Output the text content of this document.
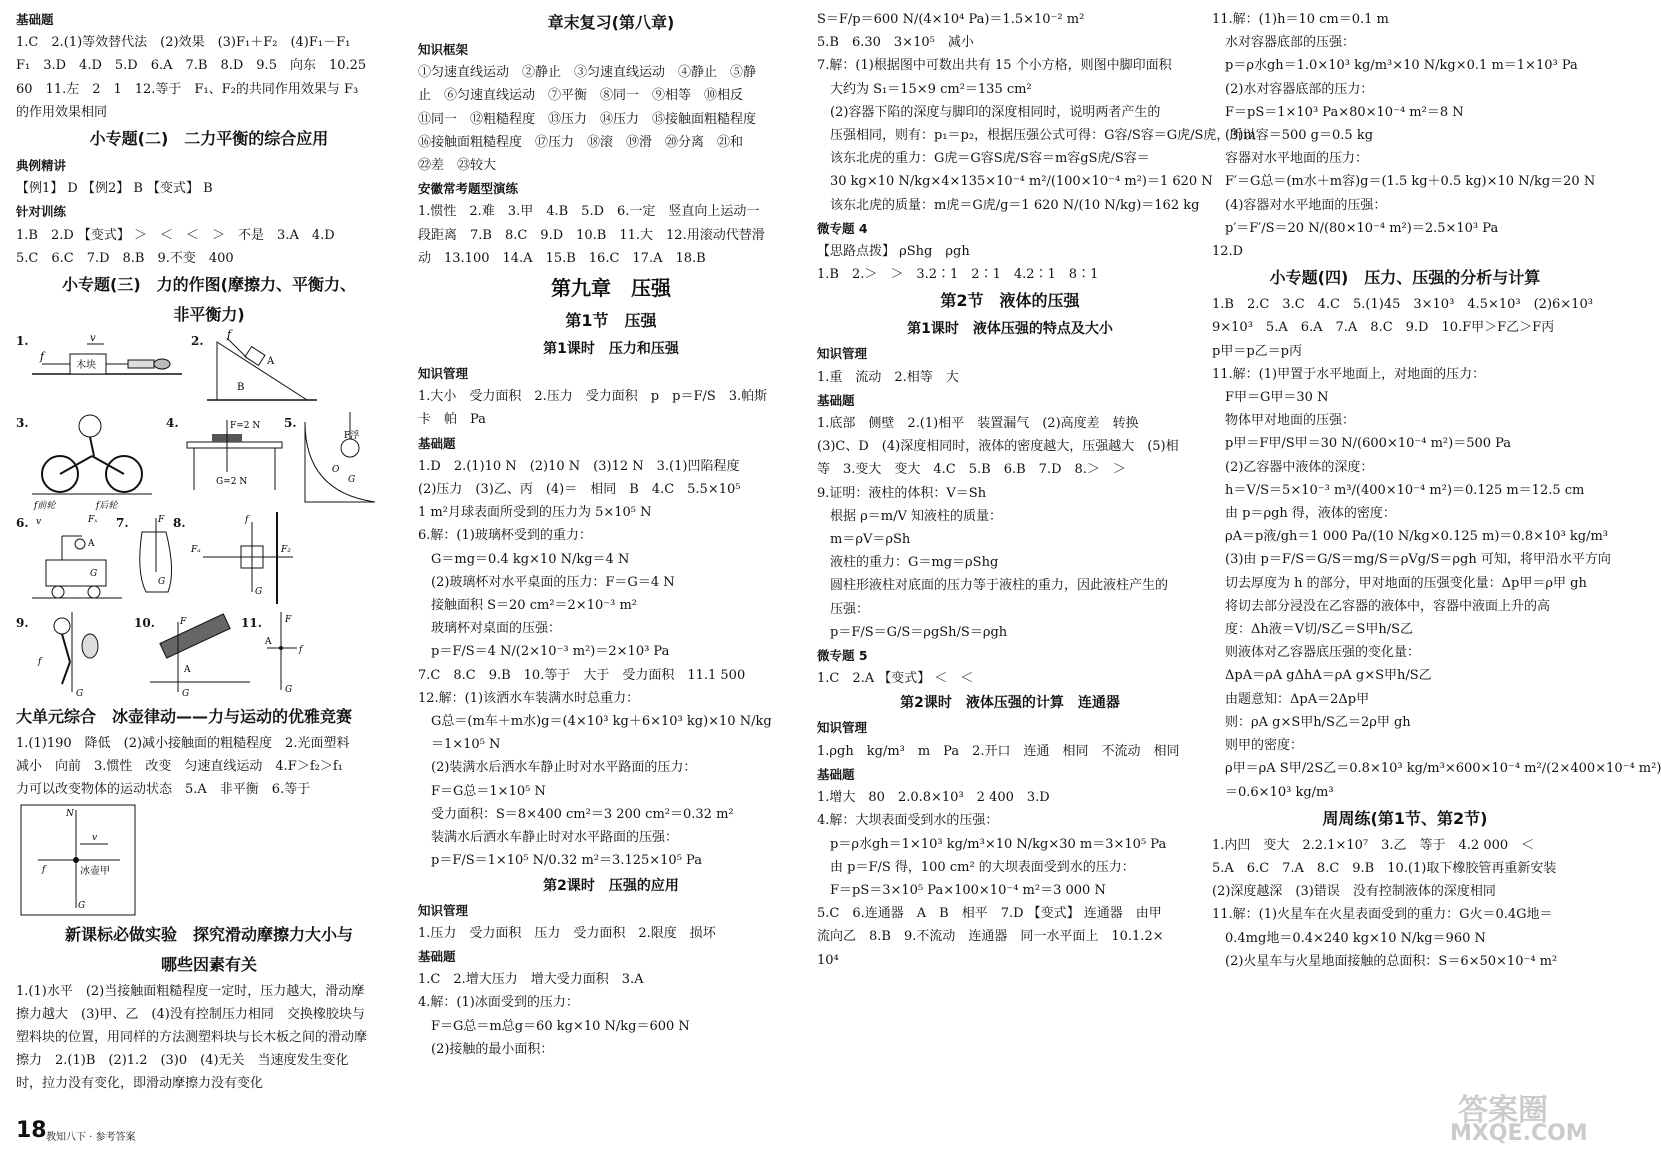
基础题
1.C　2.(1)等效替代法　(2)效果　(3)F₁＋F₂　(4)F₁－F₁
F₁　3.D　4.D　5.D　6.A　7.B　8.D　9.5　向东　10.25
60　11.左　2　1　12.等于　F₁、F₂的共同作用效果与 F₃
的作用效果相同
小专题(二)　二力平衡的综合应用
典例精讲
【例1】 D 【例2】 B 【变式】 B
针对训练
1.B　2.D 【变式】 ＞　＜　＜　＞　不是　3.A　4.D
5.C　6.C　7.D　8.B　9.不变　400
小专题(三)　力的作图(摩擦力、平衡力、
非平衡力)
1.
木块
f
v	2.
A
B
f
3.
f前轮	f后轮
4.	F=2 N
G=2 N
5.
F浮
G
O
6. v	Fₓ
A
G
7.	F
G
8.
Fₐ	F₂
f
G
9.
f
G
10.	F
A
G
11.
A
f
F
G
大单元综合　冰壶律动——力与运动的优雅竞赛
1.(1)190　降低　(2)减小接触面的粗糙程度　2.光面塑料
减小　向前　3.惯性　改变　匀速直线运动　4.F＞f₂＞f₁
力可以改变物体的运动状态　5.A　非平衡　6.等于
N
v
f	冰壶甲
G
新课标必做实验　探究滑动摩擦力大小与
哪些因素有关
1.(1)水平　(2)当接触面粗糙程度一定时，压力越大，滑动摩
擦力越大　(3)甲、乙　(4)没有控制压力相同　交换橡胶块与
塑料块的位置，用同样的方法测塑料块与长木板之间的滑动摩
擦力　2.(1)B　(2)1.2　(3)0　(4)无关　当速度发生变化
时，拉力没有变化，即滑动摩擦力没有变化
章末复习(第八章)
知识框架
①匀速直线运动　②静止　③匀速直线运动　④静止　⑤静
止　⑥匀速直线运动　⑦平衡　⑧同一　⑨相等　⑩相反
⑪同一　⑫粗糙程度　⑬压力　⑭压力　⑮接触面粗糙程度
⑯接触面粗糙程度　⑰压力　⑱滚　⑲滑　⑳分离　㉑和
㉒差　㉓较大
安徽常考题型演练
1.惯性　2.难　3.甲　4.B　5.D　6.一定　竖直向上运动一
段距离　7.B　8.C　9.D　10.B　11.大　12.用滚动代替滑
动　13.100　14.A　15.B　16.C　17.A　18.B
第九章　压强
第1节　压强
第1课时　压力和压强
知识管理
1.大小　受力面积　2.压力　受力面积　p　p＝F/S　3.帕斯
卡　帕　Pa
基础题
1.D　2.(1)10 N　(2)10 N　(3)12 N　3.(1)凹陷程度
(2)压力　(3)乙、丙　(4)＝　相同　B　4.C　5.5×10⁵
1 m²月球表面所受到的压力为 5×10⁵ N
6.解：(1)玻璃杯受到的重力：
　G＝mg＝0.4 kg×10 N/kg＝4 N
　(2)玻璃杯对水平桌面的压力：F＝G＝4 N
　接触面积 S＝20 cm²＝2×10⁻³ m²
　玻璃杯对桌面的压强：
　p＝F/S＝4 N/(2×10⁻³ m²)＝2×10³ Pa
7.C　8.C　9.B　10.等于　大于　受力面积　11.1 500
12.解：(1)该洒水车装满水时总重力：
　G总＝(m车＋m水)g＝(4×10³ kg＋6×10³ kg)×10 N/kg
　＝1×10⁵ N
　(2)装满水后洒水车静止时对水平路面的压力：
　F＝G总＝1×10⁵ N
　受力面积：S＝8×400 cm²＝3 200 cm²＝0.32 m²
　装满水后洒水车静止时对水平路面的压强：
　p＝F/S＝1×10⁵ N/0.32 m²＝3.125×10⁵ Pa
第2课时　压强的应用
知识管理
1.压力　受力面积　压力　受力面积　2.限度　损坏
基础题
1.C　2.增大压力　增大受力面积　3.A
4.解：(1)冰面受到的压力：
　F＝G总＝m总g＝60 kg×10 N/kg＝600 N
　(2)接触的最小面积：
S＝F/p＝600 N/(4×10⁴ Pa)＝1.5×10⁻² m²
5.B　6.30　3×10⁵　减小
7.解：(1)根据图中可数出共有 15 个小方格，则图中脚印面积
　大约为 S₁＝15×9 cm²＝135 cm²
　(2)容器下陷的深度与脚印的深度相同时，说明两者产生的
　压强相同，则有：p₁＝p₂，根据压强公式可得：G容/S容＝G虎/S虎，所以
　该东北虎的重力：G虎＝G容S虎/S容＝m容gS虎/S容＝
　30 kg×10 N/kg×4×135×10⁻⁴ m²/(100×10⁻⁴ m²)＝1 620 N
　该东北虎的质量：m虎＝G虎/g＝1 620 N/(10 N/kg)＝162 kg
微专题 4
【思路点拨】 ρShg　ρgh
1.B　2.＞　＞　3.2∶1　2∶1　4.2∶1　8∶1
第2节　液体的压强
第1课时　液体压强的特点及大小
知识管理
1.重　流动　2.相等　大
基础题
1.底部　侧壁　2.(1)相平　装置漏气　(2)高度差　转换
(3)C、D　(4)深度相同时，液体的密度越大，压强越大　(5)相
等　3.变大　变大　4.C　5.B　6.B　7.D　8.＞　＞
9.证明：液柱的体积：V＝Sh
　根据 ρ＝m/V 知液柱的质量：
　m＝ρV＝ρSh
　液柱的重力：G＝mg＝ρShg
　圆柱形液柱对底面的压力等于液柱的重力，因此液柱产生的
　压强：
　p＝F/S＝G/S＝ρgSh/S＝ρgh
微专题 5
1.C　2.A 【变式】 ＜　＜
第2课时　液体压强的计算　连通器
知识管理
1.ρgh　kg/m³　m　Pa　2.开口　连通　相同　不流动　相同
基础题
1.增大　80　2.0.8×10³　2 400　3.D
4.解：大坝表面受到水的压强：
　p＝ρ水gh＝1×10³ kg/m³×10 N/kg×30 m＝3×10⁵ Pa
　由 p＝F/S 得，100 cm² 的大坝表面受到水的压力：
　F＝pS＝3×10⁵ Pa×100×10⁻⁴ m²＝3 000 N
5.C　6.连通器　A　B　相平　7.D 【变式】 连通器　由甲
流向乙　8.B　9.不流动　连通器　同一水平面上　10.1.2×
10⁴
11.解：(1)h＝10 cm＝0.1 m
　水对容器底部的压强：
　p＝ρ水gh＝1.0×10³ kg/m³×10 N/kg×0.1 m＝1×10³ Pa
　(2)水对容器底部的压力：
　F＝pS＝1×10³ Pa×80×10⁻⁴ m²＝8 N
　(3)m容＝500 g＝0.5 kg
　容器对水平地面的压力：
　F′＝G总＝(m水＋m容)g＝(1.5 kg＋0.5 kg)×10 N/kg＝20 N
　(4)容器对水平地面的压强：
　p′＝F′/S＝20 N/(80×10⁻⁴ m²)＝2.5×10³ Pa
12.D
小专题(四)　压力、压强的分析与计算
1.B　2.C　3.C　4.C　5.(1)45　3×10³　4.5×10³　(2)6×10³
9×10³　5.A　6.A　7.A　8.C　9.D　10.F甲＞F乙＞F丙
p甲＝p乙＝p丙
11.解：(1)甲置于水平地面上，对地面的压力：
　F甲＝G甲＝30 N
　物体甲对地面的压强：
　p甲＝F甲/S甲＝30 N/(600×10⁻⁴ m²)＝500 Pa
　(2)乙容器中液体的深度：
　h＝V/S＝5×10⁻³ m³/(400×10⁻⁴ m²)＝0.125 m＝12.5 cm
　由 p＝ρgh 得，液体的密度：
　ρA＝p液/gh＝1 000 Pa/(10 N/kg×0.125 m)＝0.8×10³ kg/m³
　(3)由 p＝F/S＝G/S＝mg/S＝ρVg/S＝ρgh 可知，将甲沿水平方向
　切去厚度为 h 的部分，甲对地面的压强变化量：Δp甲＝ρ甲 gh
　将切去部分浸没在乙容器的液体中，容器中液面上升的高
　度：Δh液＝V切/S乙＝S甲h/S乙
　则液体对乙容器底压强的变化量：
　ΔpA＝ρA gΔhA＝ρA g×S甲h/S乙
　由题意知：ΔpA＝2Δp甲
　则：ρA g×S甲h/S乙＝2ρ甲 gh
　则甲的密度：
　ρ甲＝ρA S甲/2S乙＝0.8×10³ kg/m³×600×10⁻⁴ m²/(2×400×10⁻⁴ m²)
　＝0.6×10³ kg/m³
周周练(第1节、第2节)
1.内凹　变大　2.2.1×10⁷　3.乙　等于　4.2 000　＜
5.A　6.C　7.A　8.C　9.B　10.(1)取下橡胶管再重新安装
(2)深度越深　(3)错误　没有控制液体的深度相同
11.解：(1)火星车在火星表面受到的重力：G火＝0.4G地＝
　0.4mg地＝0.4×240 kg×10 N/kg＝960 N
　(2)火星车与火星地面接触的总面积：S＝6×50×10⁻⁴ m²
18 教知八下 · 参考答案
答案圈
MXQE.COM
